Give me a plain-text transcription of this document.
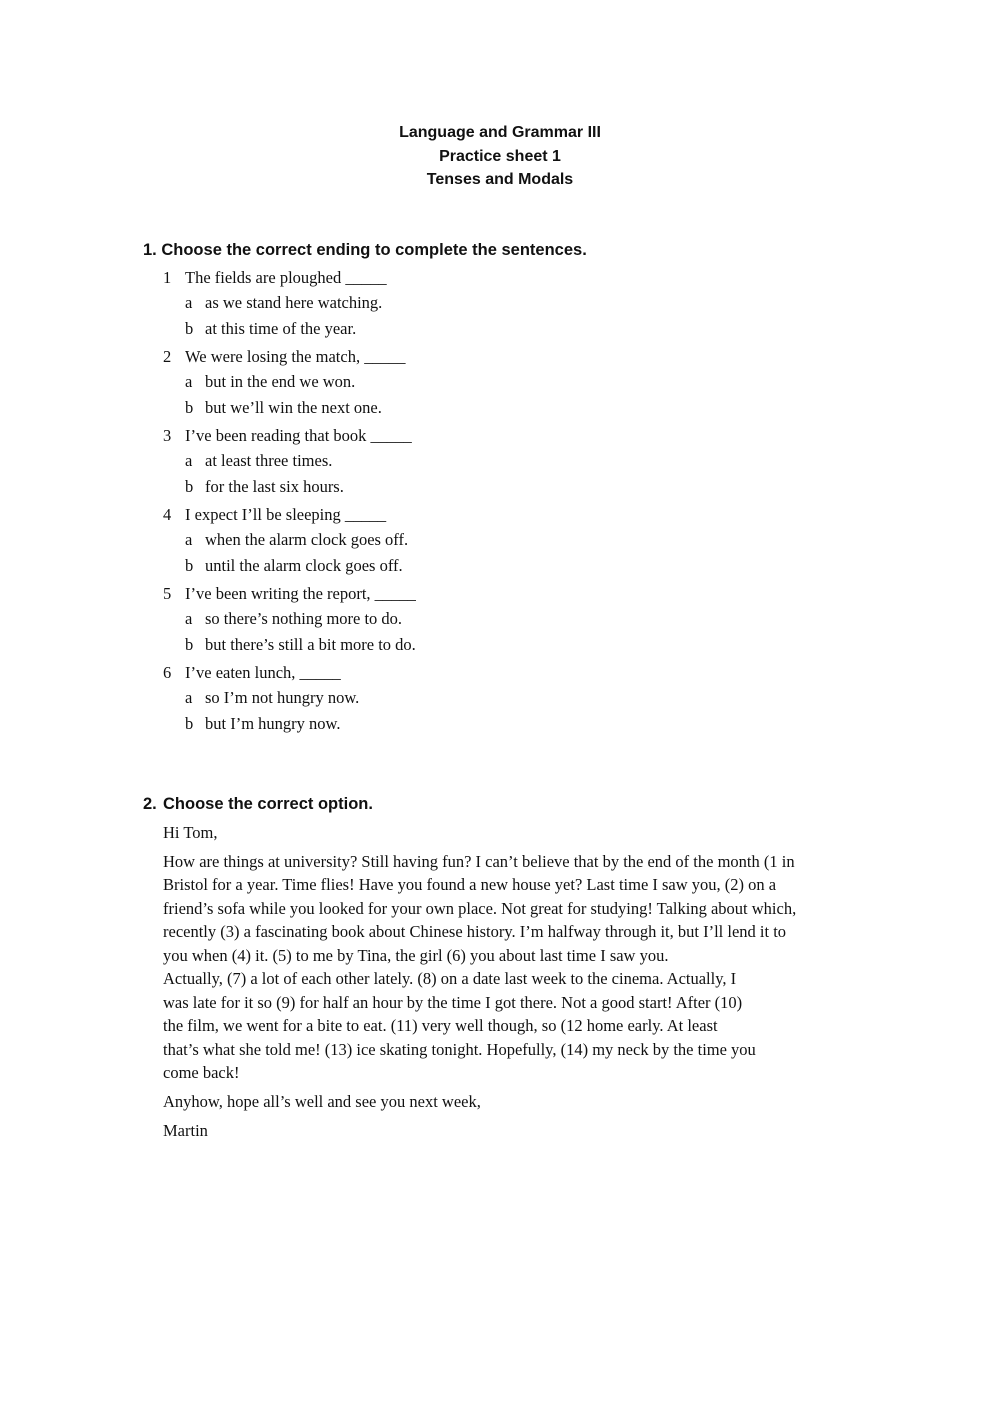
Language and Grammar III
Practice sheet 1
Tenses and Modals
1. Choose the correct ending to complete the sentences.
1 The fields are ploughed _____
a as we stand here watching.
b at this time of the year.
2 We were losing the match, _____
a but in the end we won.
b but we’ll win the next one.
3 I’ve been reading that book _____
a at least three times.
b for the last six hours.
4 I expect I’ll be sleeping _____
a when the alarm clock goes off.
b until the alarm clock goes off.
5 I’ve been writing the report, _____
a so there’s nothing more to do.
b but there’s still a bit more to do.
6 I’ve eaten lunch, _____
a so I’m not hungry now.
b but I’m hungry now.
2. Choose the correct option.
Hi Tom,
How are things at university? Still having fun? I can’t believe that by the end of the month (1 in
Bristol for a year. Time flies! Have you found a new house yet? Last time I saw you, (2) on a
friend’s sofa while you looked for your own place. Not great for studying! Talking about which,
recently (3) a fascinating book about Chinese history. I’m halfway through it, but I’ll lend it to
you when (4) it. (5) to me by Tina, the girl (6) you about last time I saw you.
Actually, (7) a lot of each other lately. (8) on a date last week to the cinema. Actually, I
was late for it so (9) for half an hour by the time I got there. Not a good start! After (10)
the film, we went for a bite to eat. (11) very well though, so (12 home early. At least
that’s what she told me! (13) ice skating tonight. Hopefully, (14) my neck by the time you
come back!
Anyhow, hope all’s well and see you next week,
Martin
